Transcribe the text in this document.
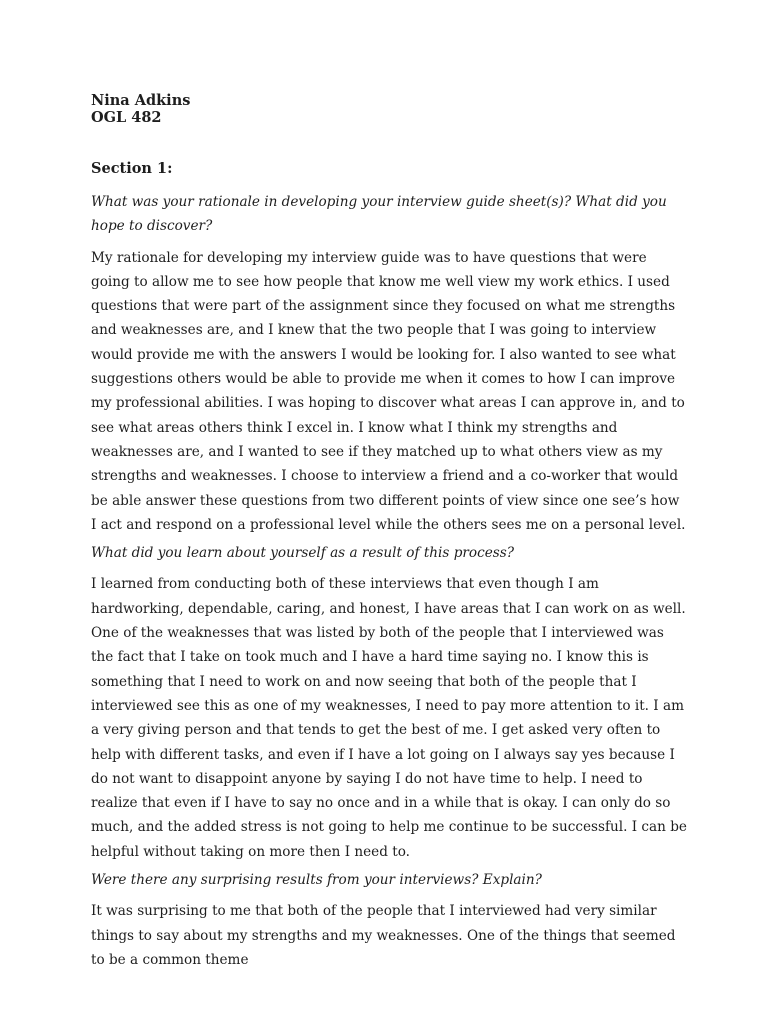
Nina Adkins

OGL 482

Section 1:

What was your rationale in developing your interview guide sheet(s)? What did you hope to discover?

My rationale for developing my interview guide was to have questions that were going to allow me to see how people that know me well view my work ethics. I used questions that were part of the assignment since they focused on what me strengths and weaknesses are, and I knew that the two people that I was going to interview would provide me with the answers I would be looking for. I also wanted to see what suggestions others would be able to provide me when it comes to how I can improve my professional abilities. I was hoping to discover what areas I can approve in, and to see what areas others think I excel in. I know what I think my strengths and weaknesses are, and I wanted to see if they matched up to what others view as my strengths and weaknesses. I choose to interview a friend and a co-worker that would be able answer these questions from two different points of view since one see’s how I act and respond on a professional level while the others sees me on a personal level.

What did you learn about yourself as a result of this process?

I learned from conducting both of these interviews that even though I am hardworking, dependable, caring, and honest, I have areas that I can work on as well. One of the weaknesses that was listed by both of the people that I interviewed was the fact that I take on took much and I have a hard time saying no. I know this is something that I need to work on and now seeing that both of the people that I interviewed see this as one of my weaknesses, I need to pay more attention to it. I am a very giving person and that tends to get the best of me. I get asked very often to help with different tasks, and even if I have a lot going on I always say yes because I do not want to disappoint anyone by saying I do not have time to help. I need to realize that even if I have to say no once and in a while that is okay. I can only do so much, and the added stress is not going to help me continue to be successful. I can be helpful without taking on more then I need to.

Were there any surprising results from your interviews? Explain?

It was surprising to me that both of the people that I interviewed had very similar things to say about my strengths and my weaknesses. One of the things that seemed to be a common theme
